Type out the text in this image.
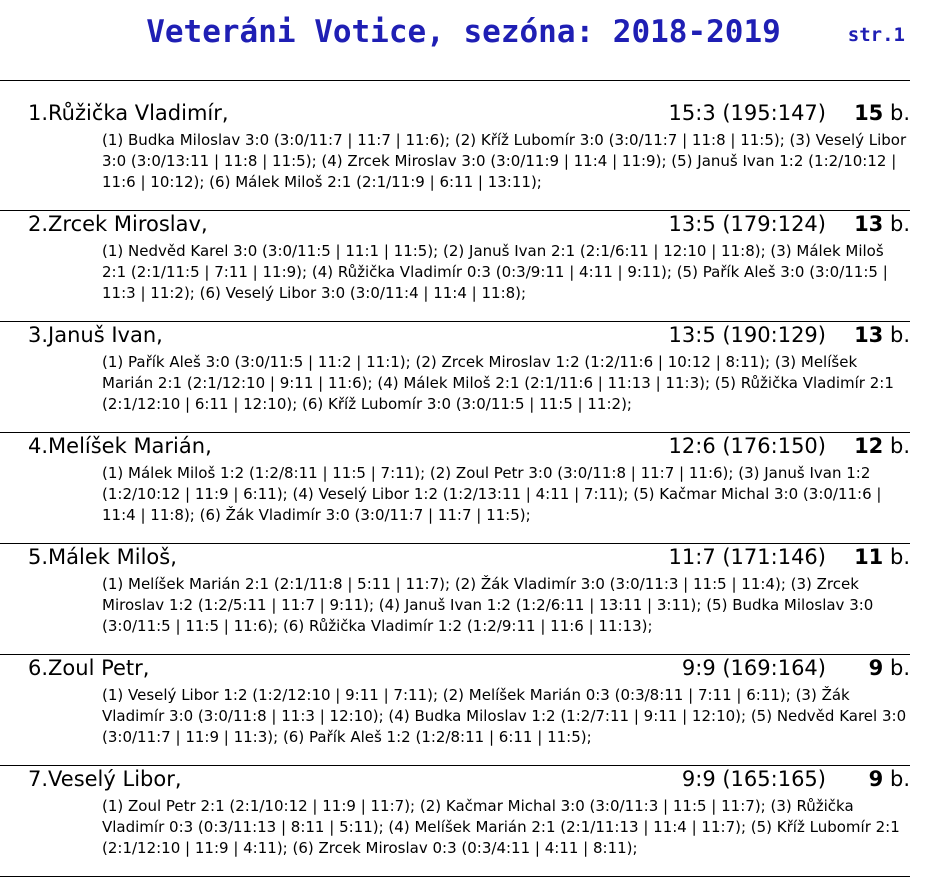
Veteráni Votice, sezóna: 2018-2019	str.1
1.Růžička Vladimír,	15:3 (195:147) 15 b.
(1) Budka Miloslav 3:0 (3:0/11:7 | 11:7 | 11:6); (2) Kříž Lubomír 3:0 (3:0/11:7 | 11:8 | 11:5); (3) Veselý Libor 3:0 (3:0/13:11 | 11:8 | 11:5); (4) Zrcek Miroslav 3:0 (3:0/11:9 | 11:4 | 11:9); (5) Januš Ivan 1:2 (1:2/10:12 | 11:6 | 10:12); (6) Málek Miloš 2:1 (2:1/11:9 | 6:11 | 13:11);
2.Zrcek Miroslav,	13:5 (179:124) 13 b.
(1) Nedvěd Karel 3:0 (3:0/11:5 | 11:1 | 11:5); (2) Januš Ivan 2:1 (2:1/6:11 | 12:10 | 11:8); (3) Málek Miloš 2:1 (2:1/11:5 | 7:11 | 11:9); (4) Růžička Vladimír 0:3 (0:3/9:11 | 4:11 | 9:11); (5) Pařík Aleš 3:0 (3:0/11:5 | 11:3 | 11:2); (6) Veselý Libor 3:0 (3:0/11:4 | 11:4 | 11:8);
3.Januš Ivan,	13:5 (190:129) 13 b.
(1) Pařík Aleš 3:0 (3:0/11:5 | 11:2 | 11:1); (2) Zrcek Miroslav 1:2 (1:2/11:6 | 10:12 | 8:11); (3) Melíšek Marián 2:1 (2:1/12:10 | 9:11 | 11:6); (4) Málek Miloš 2:1 (2:1/11:6 | 11:13 | 11:3); (5) Růžička Vladimír 2:1 (2:1/12:10 | 6:11 | 12:10); (6) Kříž Lubomír 3:0 (3:0/11:5 | 11:5 | 11:2);
4.Melíšek Marián,	12:6 (176:150) 12 b.
(1) Málek Miloš 1:2 (1:2/8:11 | 11:5 | 7:11); (2) Zoul Petr 3:0 (3:0/11:8 | 11:7 | 11:6); (3) Januš Ivan 1:2 (1:2/10:12 | 11:9 | 6:11); (4) Veselý Libor 1:2 (1:2/13:11 | 4:11 | 7:11); (5) Kačmar Michal 3:0 (3:0/11:6 | 11:4 | 11:8); (6) Žák Vladimír 3:0 (3:0/11:7 | 11:7 | 11:5);
5.Málek Miloš,	11:7 (171:146) 11 b.
(1) Melíšek Marián 2:1 (2:1/11:8 | 5:11 | 11:7); (2) Žák Vladimír 3:0 (3:0/11:3 | 11:5 | 11:4); (3) Zrcek Miroslav 1:2 (1:2/5:11 | 11:7 | 9:11); (4) Januš Ivan 1:2 (1:2/6:11 | 13:11 | 3:11); (5) Budka Miloslav 3:0 (3:0/11:5 | 11:5 | 11:6); (6) Růžička Vladimír 1:2 (1:2/9:11 | 11:6 | 11:13);
6.Zoul Petr,	9:9 (169:164) 9 b.
(1) Veselý Libor 1:2 (1:2/12:10 | 9:11 | 7:11); (2) Melíšek Marián 0:3 (0:3/8:11 | 7:11 | 6:11); (3) Žák Vladimír 3:0 (3:0/11:8 | 11:3 | 12:10); (4) Budka Miloslav 1:2 (1:2/7:11 | 9:11 | 12:10); (5) Nedvěd Karel 3:0 (3:0/11:7 | 11:9 | 11:3); (6) Pařík Aleš 1:2 (1:2/8:11 | 6:11 | 11:5);
7.Veselý Libor,	9:9 (165:165) 9 b.
(1) Zoul Petr 2:1 (2:1/10:12 | 11:9 | 11:7); (2) Kačmar Michal 3:0 (3:0/11:3 | 11:5 | 11:7); (3) Růžička Vladimír 0:3 (0:3/11:13 | 8:11 | 5:11); (4) Melíšek Marián 2:1 (2:1/11:13 | 11:4 | 11:7); (5) Kříž Lubomír 2:1 (2:1/12:10 | 11:9 | 4:11); (6) Zrcek Miroslav 0:3 (0:3/4:11 | 4:11 | 8:11);
